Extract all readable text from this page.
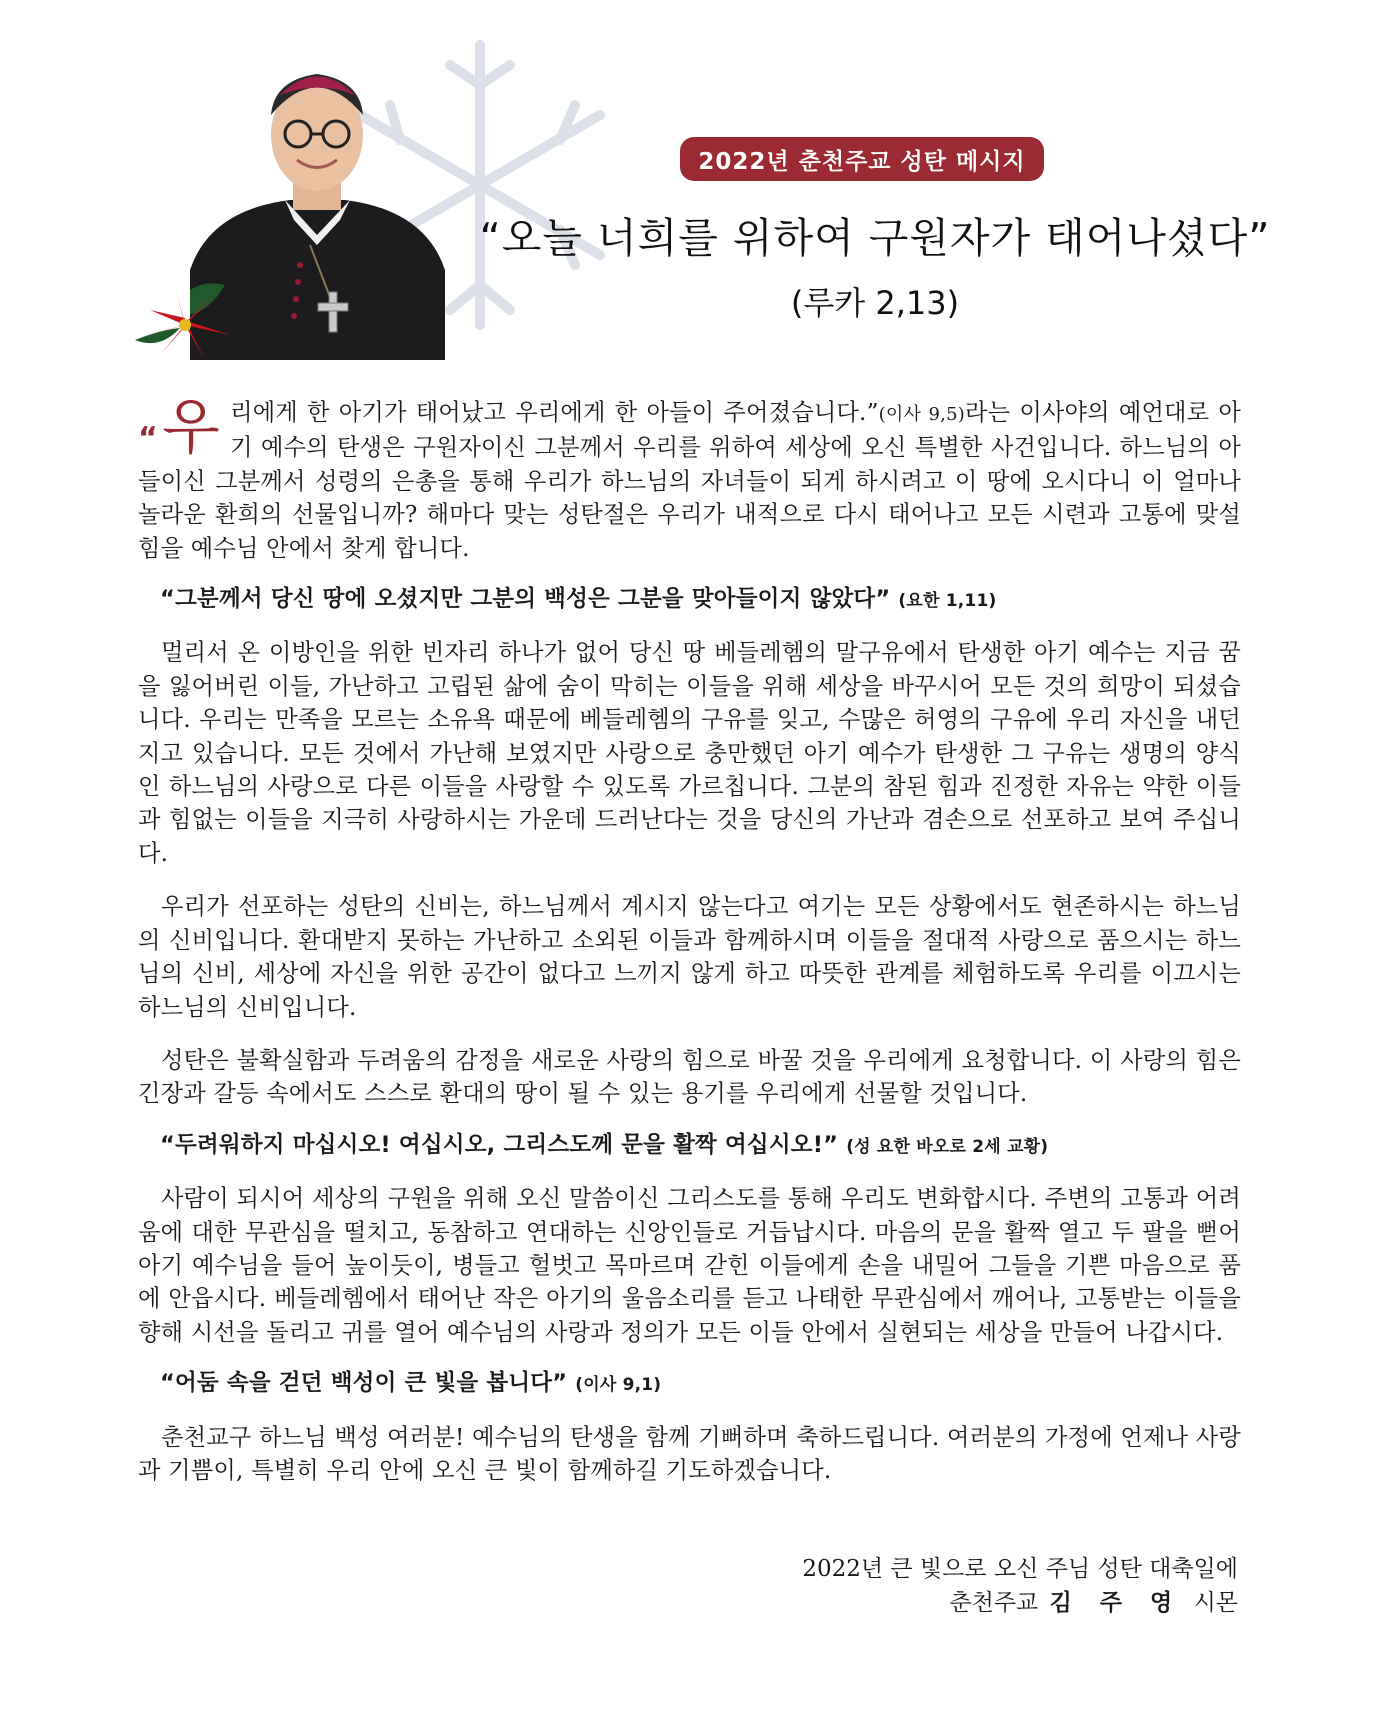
2022년 춘천주교 성탄 메시지
“오늘 너희를 위하여 구원자가 태어나셨다”
(루카 2,13)

“우 리에게 한 아기가 태어났고 우리에게 한 아들이 주어졌습니다.”(이사 9,5)라는 이사야의 예언대로 아기 예수의 탄생은 구원자이신 그분께서 우리를 위하여 세상에 오신 특별한 사건입니다. 하느님의 아들이신 그분께서 성령의 은총을 통해 우리가 하느님의 자녀들이 되게 하시려고 이 땅에 오시다니 이 얼마나 놀라운 환희의 선물입니까? 해마다 맞는 성탄절은 우리가 내적으로 다시 태어나고 모든 시련과 고통에 맞설 힘을 예수님 안에서 찾게 합니다.

“그분께서 당신 땅에 오셨지만 그분의 백성은 그분을 맞아들이지 않았다” (요한 1,11)

멀리서 온 이방인을 위한 빈자리 하나가 없어 당신 땅 베들레헴의 말구유에서 탄생한 아기 예수는 지금 꿈을 잃어버린 이들, 가난하고 고립된 삶에 숨이 막히는 이들을 위해 세상을 바꾸시어 모든 것의 희망이 되셨습니다. 우리는 만족을 모르는 소유욕 때문에 베들레헴의 구유를 잊고, 수많은 허영의 구유에 우리 자신을 내던지고 있습니다. 모든 것에서 가난해 보였지만 사랑으로 충만했던 아기 예수가 탄생한 그 구유는 생명의 양식인 하느님의 사랑으로 다른 이들을 사랑할 수 있도록 가르칩니다. 그분의 참된 힘과 진정한 자유는 약한 이들과 힘없는 이들을 지극히 사랑하시는 가운데 드러난다는 것을 당신의 가난과 겸손으로 선포하고 보여 주십니다.

우리가 선포하는 성탄의 신비는, 하느님께서 계시지 않는다고 여기는 모든 상황에서도 현존하시는 하느님의 신비입니다. 환대받지 못하는 가난하고 소외된 이들과 함께하시며 이들을 절대적 사랑으로 품으시는 하느님의 신비, 세상에 자신을 위한 공간이 없다고 느끼지 않게 하고 따뜻한 관계를 체험하도록 우리를 이끄시는 하느님의 신비입니다.

성탄은 불확실함과 두려움의 감정을 새로운 사랑의 힘으로 바꿀 것을 우리에게 요청합니다. 이 사랑의 힘은 긴장과 갈등 속에서도 스스로 환대의 땅이 될 수 있는 용기를 우리에게 선물할 것입니다.

“두려워하지 마십시오! 여십시오, 그리스도께 문을 활짝 여십시오!” (성 요한 바오로 2세 교황)

사람이 되시어 세상의 구원을 위해 오신 말씀이신 그리스도를 통해 우리도 변화합시다. 주변의 고통과 어려움에 대한 무관심을 떨치고, 동참하고 연대하는 신앙인들로 거듭납시다. 마음의 문을 활짝 열고 두 팔을 뻗어 아기 예수님을 들어 높이듯이, 병들고 헐벗고 목마르며 갇힌 이들에게 손을 내밀어 그들을 기쁜 마음으로 품에 안읍시다. 베들레헴에서 태어난 작은 아기의 울음소리를 듣고 나태한 무관심에서 깨어나, 고통받는 이들을 향해 시선을 돌리고 귀를 열어 예수님의 사랑과 정의가 모든 이들 안에서 실현되는 세상을 만들어 나갑시다.

“어둠 속을 걷던 백성이 큰 빛을 봅니다” (이사 9,1)

춘천교구 하느님 백성 여러분! 예수님의 탄생을 함께 기뻐하며 축하드립니다. 여러분의 가정에 언제나 사랑과 기쁨이, 특별히 우리 안에 오신 큰 빛이 함께하길 기도하겠습니다.

2022년 큰 빛으로 오신 주님 성탄 대축일에
춘천주교 김 주 영 시몬
